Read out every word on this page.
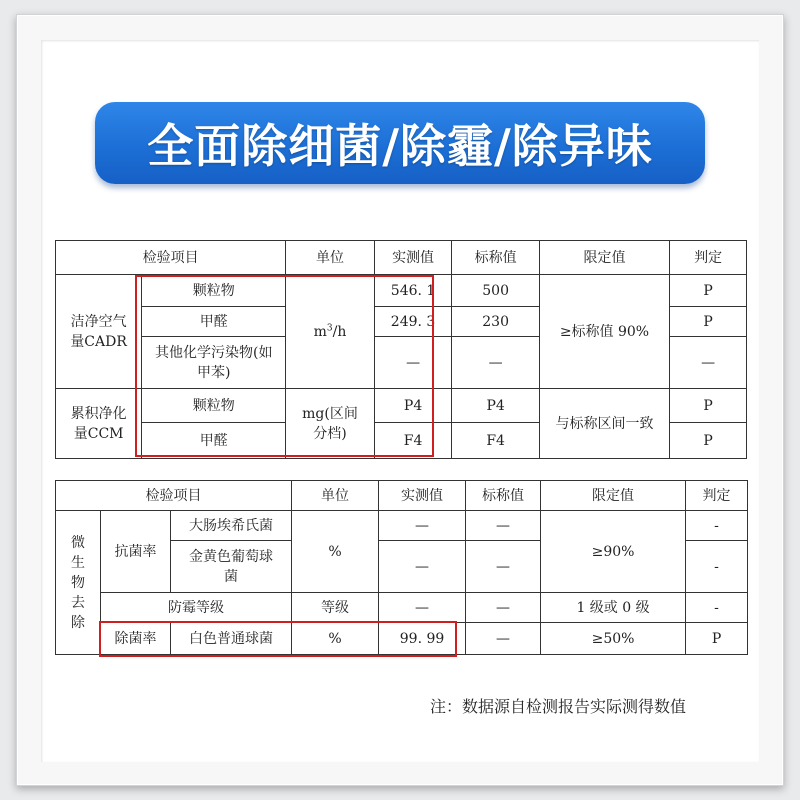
全面除细菌/除霾/除异味
检验项目		单位	实测值	标称值	限定值	判定
洁净空气量CADR	颗粒物	$m^3/h$	546. 1	500	≥标称值 90%	P
	甲醛		249. 3	230		P
	其他化学污染物(如甲苯)		—	—		—
累积净化量CCM	颗粒物	mg(区间分档)	P4	P4	与标称区间一致	P
	甲醛		F4	F4		P
检验项目			单位	实测值	标称值	限定值	判定
微生物去除	抗菌率	大肠埃希氏菌	%	—	—	≥90%	-
		金黄色葡萄球菌		—	—		-
	防霉等级		等级	—	—	1 级或 0 级	-
	除菌率	白色普通球菌	%	99. 99	—	≥50%	P
注：数据源自检测报告实际测得数值
